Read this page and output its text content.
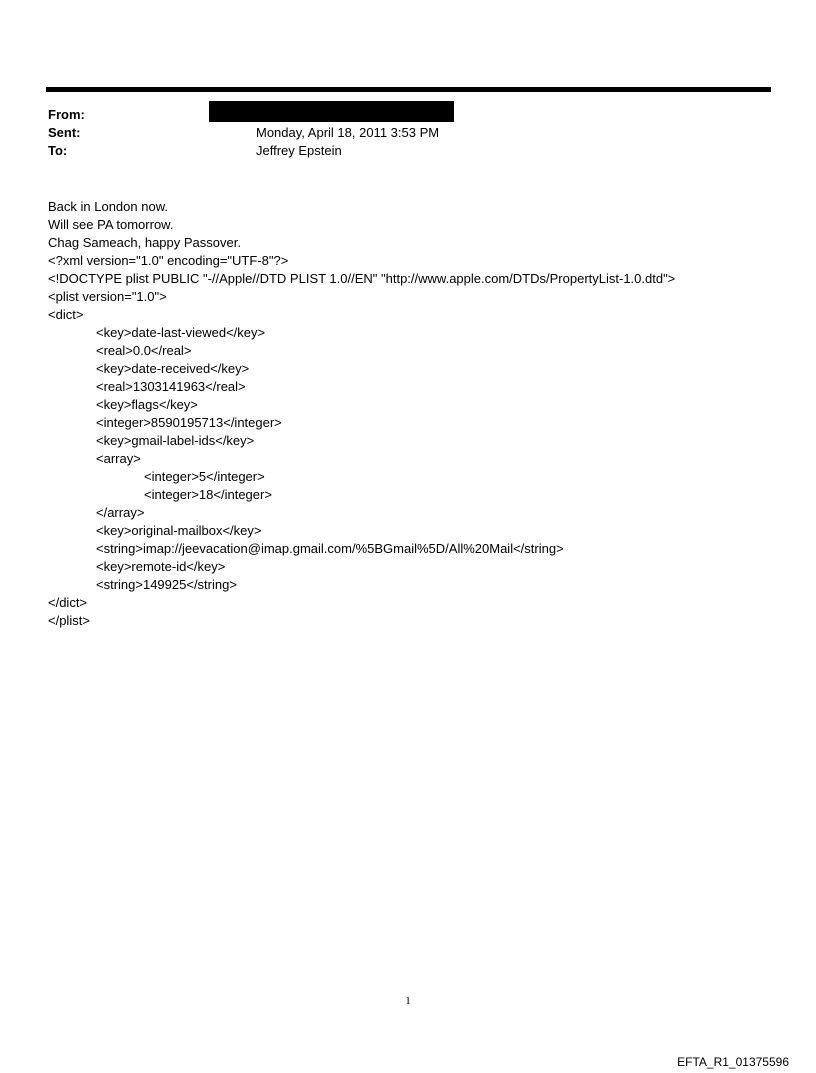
From:
Sent:	Monday, April 18, 2011 3:53 PM
To:	Jeffrey Epstein
Back in London now.
Will see PA tomorrow.
Chag Sameach, happy Passover.
<?xml version="1.0" encoding="UTF-8"?>
<!DOCTYPE plist PUBLIC "-//Apple//DTD PLIST 1.0//EN" "http://www.apple.com/DTDs/PropertyList-1.0.dtd">
<plist version="1.0">
<dict>
<key>date-last-viewed</key>
<real>0.0</real>
<key>date-received</key>
<real>1303141963</real>
<key>flags</key>
<integer>8590195713</integer>
<key>gmail-label-ids</key>
<array>
<integer>5</integer>
<integer>18</integer>
</array>
<key>original-mailbox</key>
<string>imap://jeevacation@imap.gmail.com/%5BGmail%5D/All%20Mail</string>
<key>remote-id</key>
<string>149925</string>
</dict>
</plist>
1
EFTA_R1_01375596
